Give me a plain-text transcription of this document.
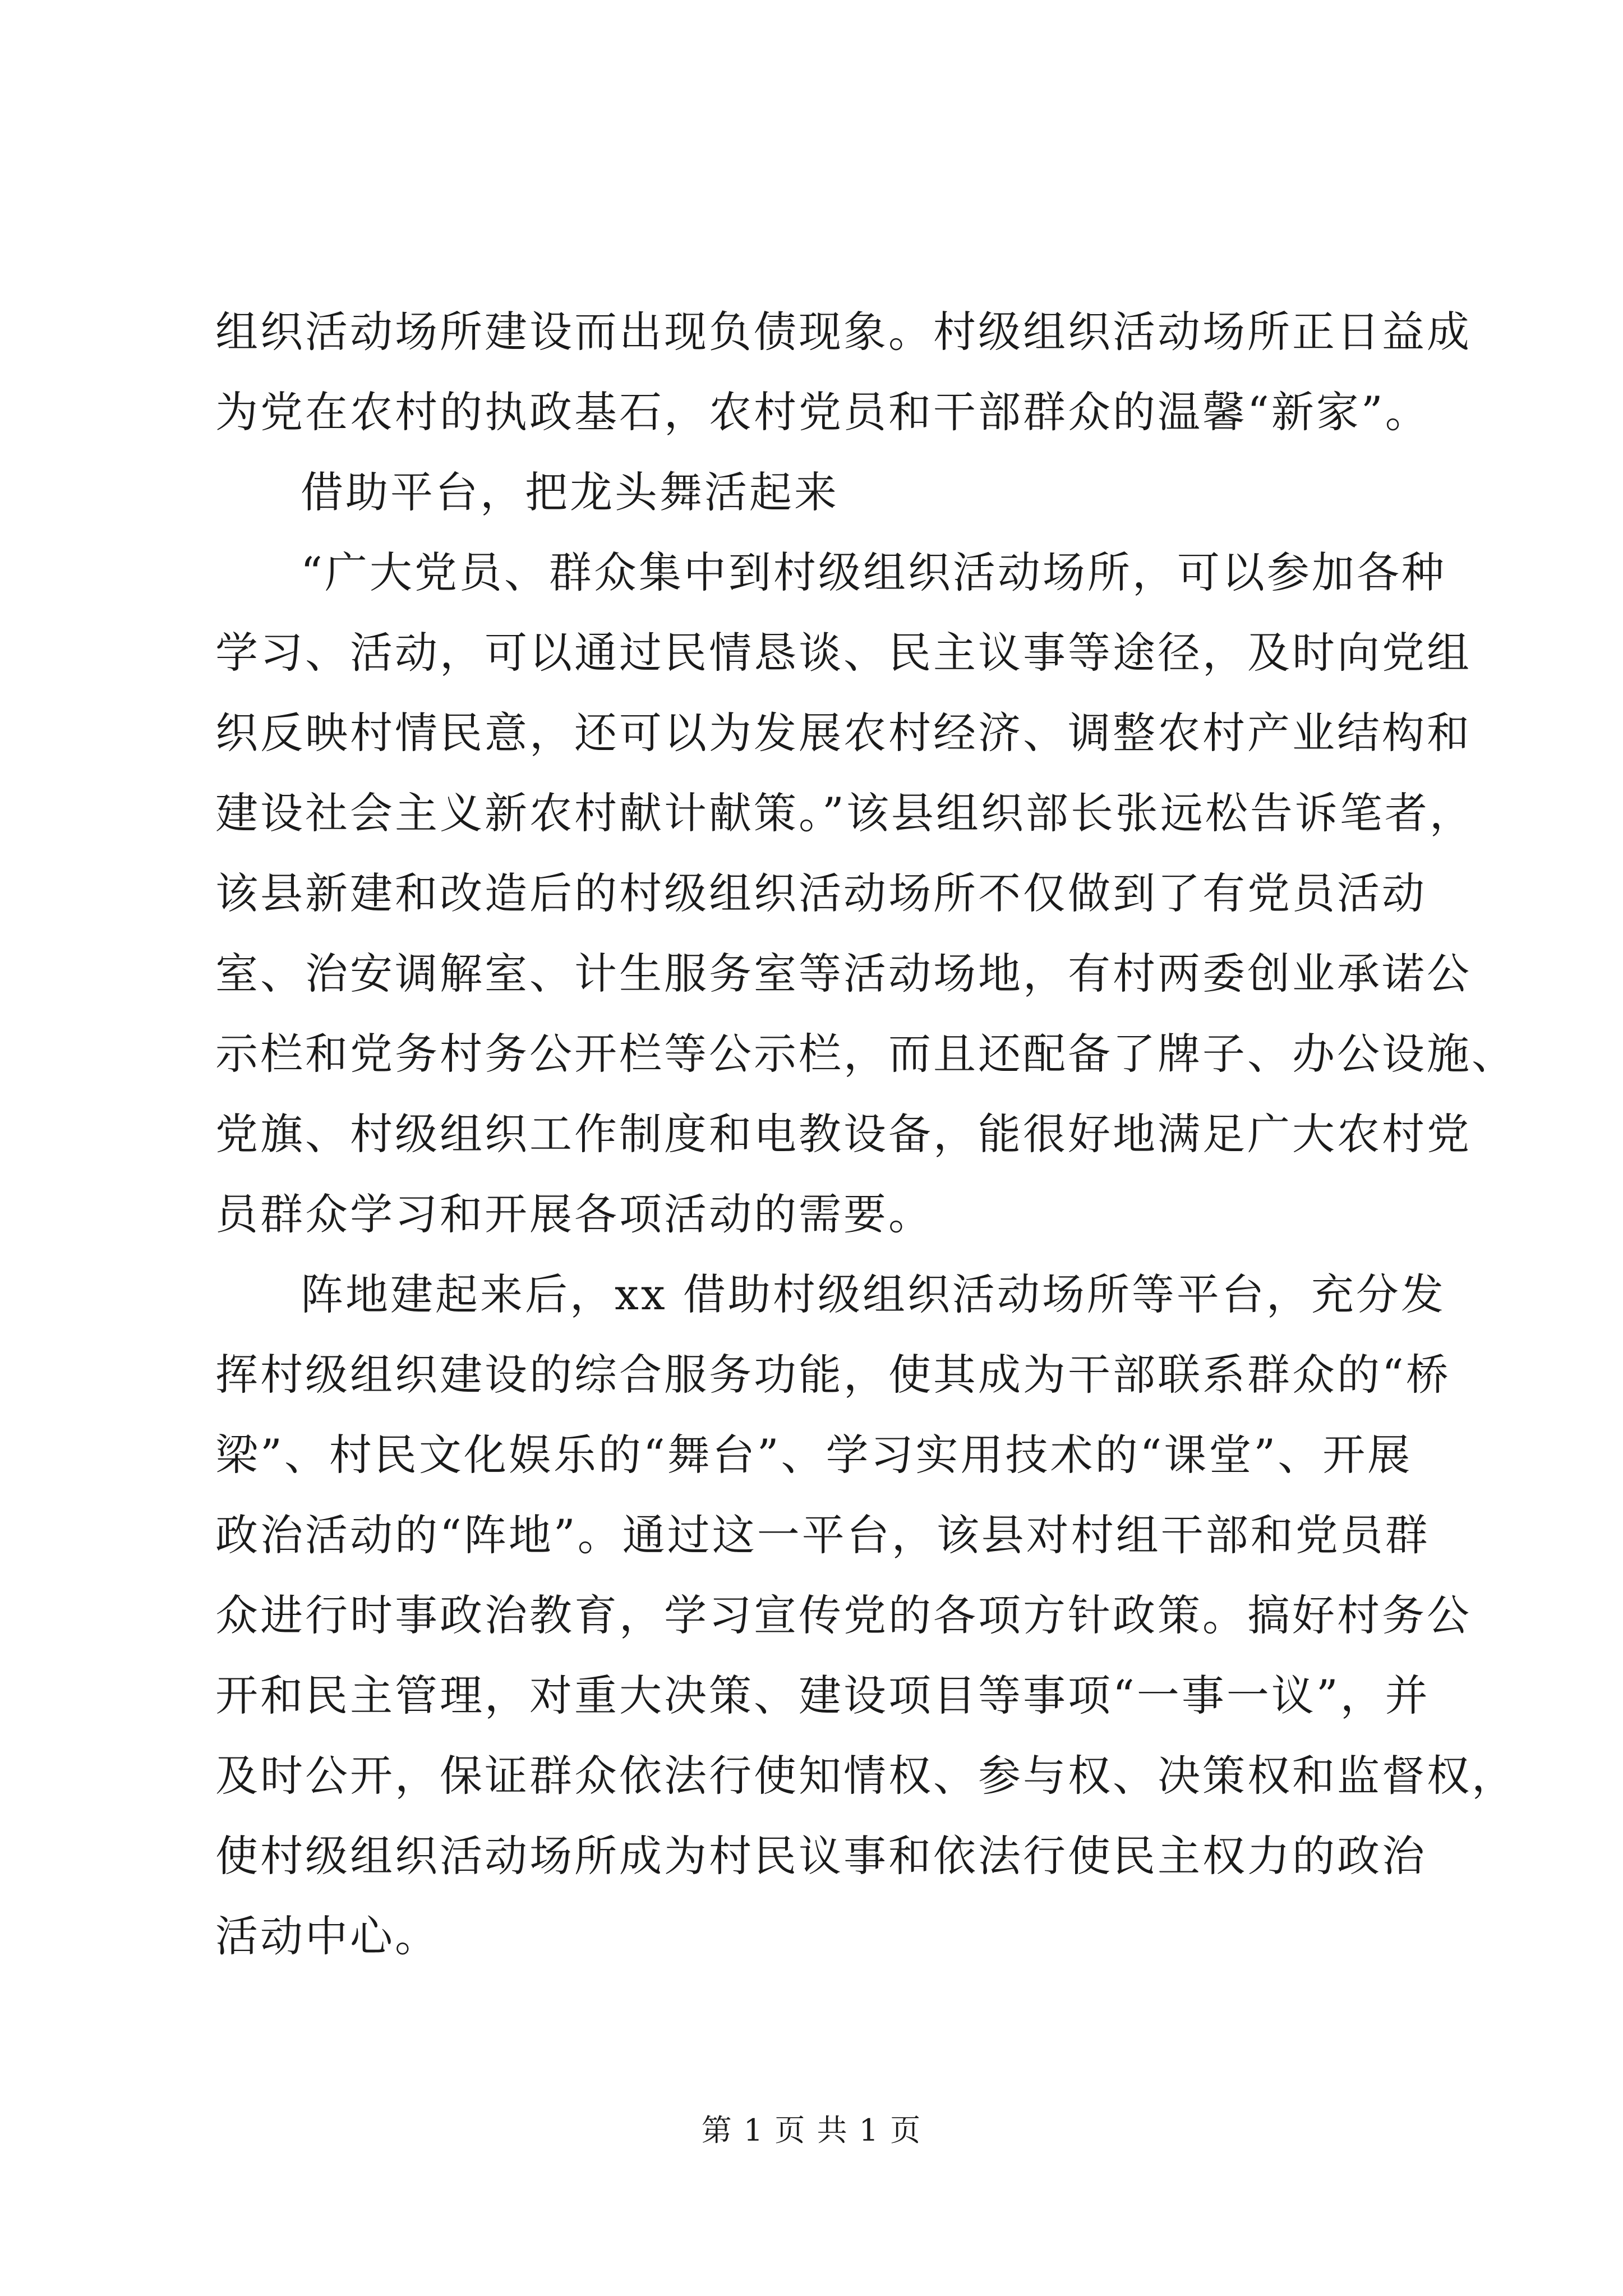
组织活动场所建设而出现负债现象。村级组织活动场所正日益成
为党在农村的执政基石，农村党员和干部群众的温馨“新家”。
借助平台，把龙头舞活起来
“广大党员、群众集中到村级组织活动场所，可以参加各种
学习、活动，可以通过民情恳谈、民主议事等途径，及时向党组
织反映村情民意，还可以为发展农村经济、调整农村产业结构和
建设社会主义新农村献计献策。”该县组织部长张远松告诉笔者，
该县新建和改造后的村级组织活动场所不仅做到了有党员活动
室、治安调解室、计生服务室等活动场地，有村两委创业承诺公
示栏和党务村务公开栏等公示栏，而且还配备了牌子、办公设施、
党旗、村级组织工作制度和电教设备，能很好地满足广大农村党
员群众学习和开展各项活动的需要。
阵地建起来后，xx 借助村级组织活动场所等平台，充分发
挥村级组织建设的综合服务功能，使其成为干部联系群众的“桥
梁”、村民文化娱乐的“舞台”、学习实用技术的“课堂”、开展
政治活动的“阵地”。通过这一平台，该县对村组干部和党员群
众进行时事政治教育，学习宣传党的各项方针政策。搞好村务公
开和民主管理，对重大决策、建设项目等事项“一事一议”，并
及时公开，保证群众依法行使知情权、参与权、决策权和监督权，
使村级组织活动场所成为村民议事和依法行使民主权力的政治
活动中心。
第 1 页 共 1 页
